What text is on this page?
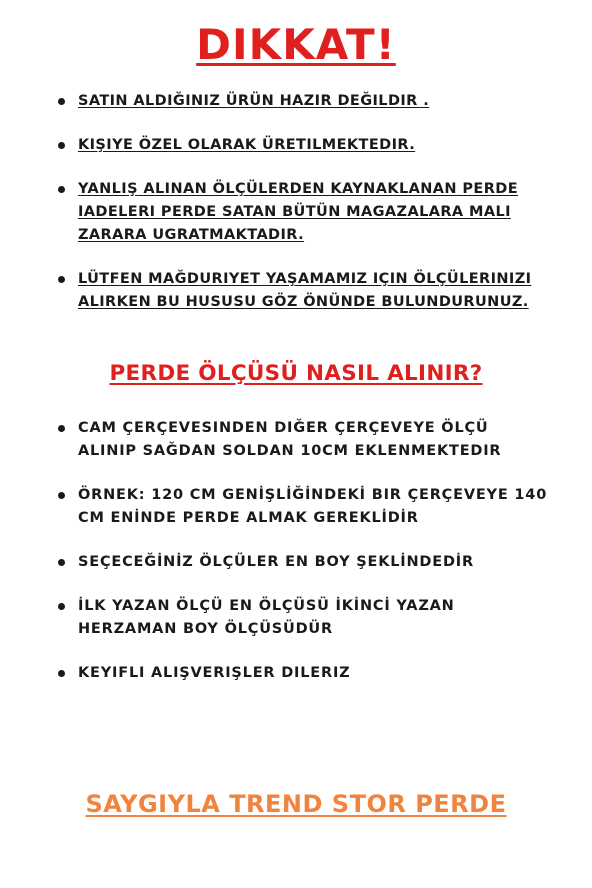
DIKKAT!
SATIN ALDIĞINIZ ÜRÜN HAZIR DEĞILDIR .
KIŞIYE ÖZEL OLARAK ÜRETILMEKTEDIR.
YANLIŞ ALINAN ÖLÇÜLERDEN KAYNAKLANAN PERDE IADELERI PERDE SATAN BÜTÜN MAGAZALARA MALI ZARARA UGRATMAKTADIR.
LÜTFEN MAĞDURIYET YAŞAMAMIZ IÇIN ÖLÇÜLERINIZI ALIRKEN BU HUSUSU GÖZ ÖNÜNDE BULUNDURUNUZ.
PERDE ÖLÇÜSÜ NASIL ALINIR?
CAM ÇERÇEVESINDEN DIĞER ÇERÇEVEYE ÖLÇÜ ALINIP SAĞDAN SOLDAN 10CM EKLENMEKTEDIR
ÖRNEK: 120 CM GENİŞLİĞİNDEKİ BIR ÇERÇEVEYE 140 CM ENİNDE PERDE ALMAK GEREKLİDİR
SEÇECEĞİNİZ ÖLÇÜLER EN BOY ŞEKLİNDEDİR
İLK YAZAN ÖLÇÜ EN ÖLÇÜSÜ İKİNCİ YAZAN HERZAMAN BOY ÖLÇÜSÜDÜR
KEYIFLI ALIŞVERIŞLER DILERIZ

SAYGIYLA TREND STOR PERDE
